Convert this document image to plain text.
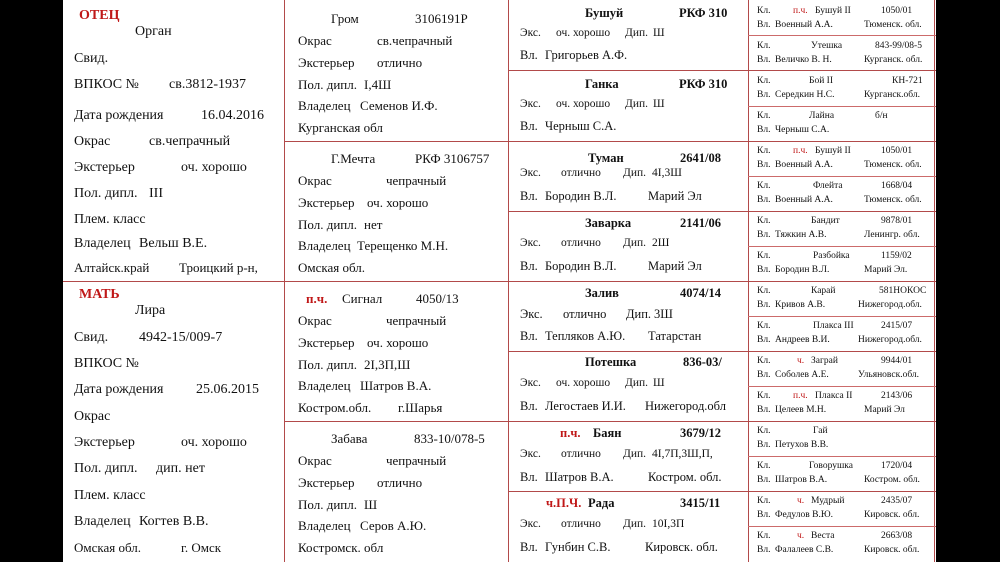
ОТЕЦ
Орган
Свид.
ВПКОС № св.3812-1937
Дата рождения	16.04.2016
Окрас	св.чепрачный
Экстерьер	оч. хорошо
Пол. дипл. III
Плем. класс
Владелец Вельш В.Е.
Алтайск.край Троицкий р-н,
МАТЬ
Лира
Свид. 4942-15/009-7
ВПКОС №
Дата рождения 25.06.2015
Окрас
Экстерьер	оч. хорошо
Пол. дипл. дип. нет
Плем. класс
Владелец Когтев В.В.
Омская обл.	г. Омск
Гром	3106191Р
Окрас	св.чепрачный
Экстерьер отлично
Пол. дипл. I,4Ш
Владелец Семенов И.Ф.
Курганская обл
Г.Мечта	РКФ 3106757
Окрас	чепрачный
Экстерьер оч. хорошо
Пол. дипл. нет
Владелец Терещенко М.Н.
Омская обл.
п.ч. Сигнал	4050/13
Окрас	чепрачный
Экстерьер оч. хорошо
Пол. дипл. 2I,3П,Ш
Владелец Шатров В.А.
Костром.обл. г.Шарья
Забава	833-10/078-5
Окрас	чепрачный
Экстерьер отлично
Пол. дипл. Ш
Владелец Серов А.Ю.
Костромск. обл
Бушуй	РКФ 310
Экс. оч. хорошо Дип. Ш
Вл. Григорьев А.Ф.
Ганка	РКФ 310
Экс. оч. хорошо Дип. Ш
Вл. Черныш С.А.
Туман	2641/08
Экс. отлично Дип. 4I,3Ш
Вл. Бородин В.Л.	Марий Эл
Заварка	2141/06
Экс. отлично Дип. 2Ш
Вл. Бородин В.Л.	Марий Эл
Залив	4074/14
Экс. отлично Дип. 3Ш
Вл. Тепляков А.Ю. Татарстан
Потешка	836-03/
Экс. оч. хорошо Дип. Ш
Вл. Легостаев И.И. Нижегород.обл
п.ч. Баян	3679/12
Экс. отлично Дип. 4I,7П,3Ш,П,
Вл. Шатров В.А.	Костром. обл.
ч.П.Ч. Рада	3415/11
Экс. отлично Дип. 10I,3П
Вл. Гунбин С.В.	Кировск. обл.
Кл. п.ч. Бушуй II	1050/01
Вл. Военный А.А.	Тюменск. обл.
Кл.	Утешка	843-99/08-5
Вл. Величко В. Н.	Курганск. обл.
Кл.	Бой II	КН-721
Вл. Середкин Н.С.	Курганск.обл.
Кл.	Лайна	б/н
Вл. Черныш С.А.
Кл. п.ч. Бушуй II	1050/01
Вл. Военный А.А.	Тюменск. обл.
Кл.	Флейта	1668/04
Вл. Военный А.А.	Тюменск. обл.
Кл.	Бандит	9878/01
Вл. Тяжкин А.В.	Ленингр. обл.
Кл.	Разбойка	1159/02
Вл. Бородин В.Л.	Марий Эл.
Кл.	Карай	581НОКОС
Вл. Кривов А.В.	Нижегород.обл.
Кл.	Плакса III	2415/07
Вл. Андреев В.И.	Нижегород.обл.
Кл.	ч. Заграй	9944/01
Вл. Соболев А.Е.	Ульяновск.обл.
Кл. п.ч. Плакса II	2143/06
Вл. Целеев М.Н.	Марий Эл
Кл.	Гай
Вл. Петухов В.В.
Кл.	Говорушка	1720/04
Вл. Шатров В.А.	Костром. обл.
Кл.	ч. Мудрый	2435/07
Вл. Федулов В.Ю.	Кировск. обл.
Кл.	ч. Веста	2663/08
Вл. Фалалеев С.В.	Кировск. обл.
